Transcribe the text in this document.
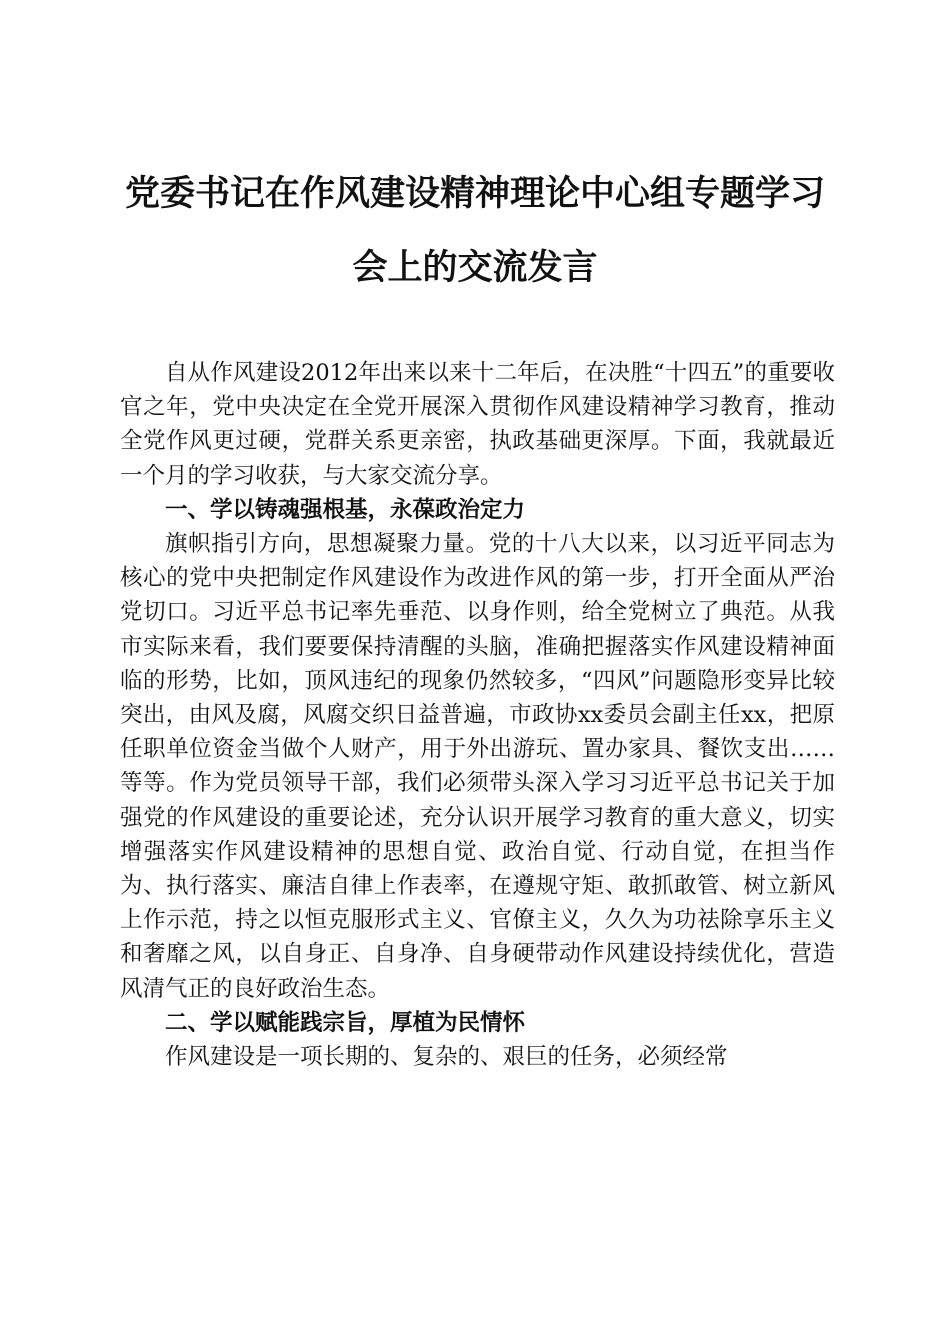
党委书记在作风建设精神理论中心组专题学习
会上的交流发言

自从作风建设2012年出来以来十二年后，在决胜“十四五”的重要收官之年，党中央决定在全党开展深入贯彻作风建设精神学习教育，推动全党作风更过硬，党群关系更亲密，执政基础更深厚。下面，我就最近一个月的学习收获，与大家交流分享。

一、学以铸魂强根基，永葆政治定力

旗帜指引方向，思想凝聚力量。党的十八大以来，以习近平同志为核心的党中央把制定作风建设作为改进作风的第一步，打开全面从严治党切口。习近平总书记率先垂范、以身作则，给全党树立了典范。从我市实际来看，我们要要保持清醒的头脑，准确把握落实作风建设精神面临的形势，比如，顶风违纪的现象仍然较多，“四风”问题隐形变异比较突出，由风及腐，风腐交织日益普遍，市政协xx委员会副主任xx，把原任职单位资金当做个人财产，用于外出游玩、置办家具、餐饮支出……等等。作为党员领导干部，我们必须带头深入学习习近平总书记关于加强党的作风建设的重要论述，充分认识开展学习教育的重大意义，切实增强落实作风建设精神的思想自觉、政治自觉、行动自觉，在担当作为、执行落实、廉洁自律上作表率，在遵规守矩、敢抓敢管、树立新风上作示范，持之以恒克服形式主义、官僚主义，久久为功祛除享乐主义和奢靡之风，以自身正、自身净、自身硬带动作风建设持续优化，营造风清气正的良好政治生态。

二、学以赋能践宗旨，厚植为民情怀

作风建设是一项长期的、复杂的、艰巨的任务，必须经常
